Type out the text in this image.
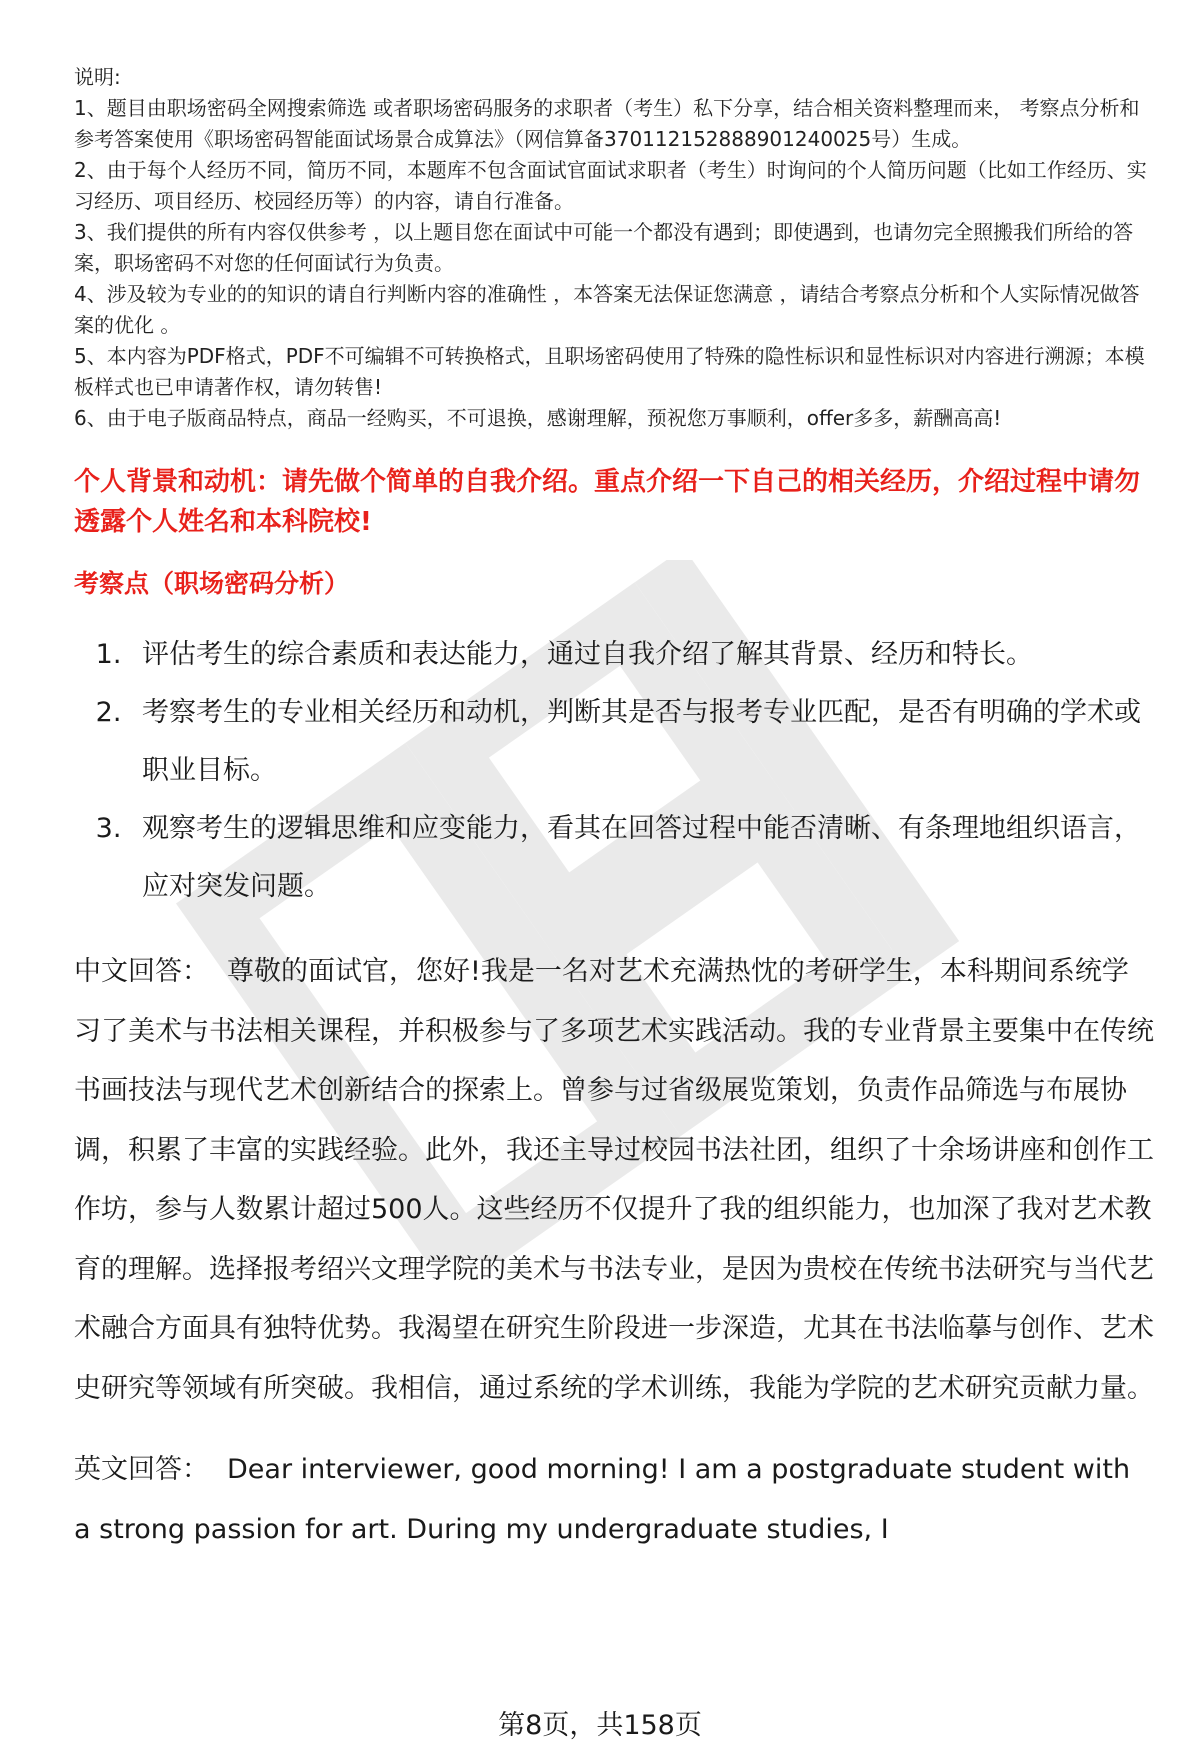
说明:

1、题目由职场密码全网搜索筛选 或者职场密码服务的求职者（考生）私下分享，结合相关资料整理而来， 考察点分析和参考答案使用《职场密码智能面试场景合成算法》（网信算备370112152888901240025号）生成。

2、由于每个人经历不同，简历不同，本题库不包含面试官面试求职者（考生）时询问的个人简历问题（比如工作经历、实习经历、项目经历、校园经历等）的内容，请自行准备。

3、我们提供的所有内容仅供参考 ，以上题目您在面试中可能一个都没有遇到；即使遇到，也请勿完全照搬我们所给的答案，职场密码不对您的任何面试行为负责。

4、涉及较为专业的的知识的请自行判断内容的准确性 ，本答案无法保证您满意 ，请结合考察点分析和个人实际情况做答案的优化 。

5、本内容为PDF格式，PDF不可编辑不可转换格式，且职场密码使用了特殊的隐性标识和显性标识对内容进行溯源；本模板样式也已申请著作权，请勿转售!

6、由于电子版商品特点，商品一经购买，不可退换，感谢理解，预祝您万事顺利，offer多多，薪酬高高!

个人背景和动机：请先做个简单的自我介绍。重点介绍一下自己的相关经历，介绍过程中请勿透露个人姓名和本科院校!
考察点（职场密码分析）
1. 评估考生的综合素质和表达能力，通过自我介绍了解其背景、经历和特长。
2. 考察考生的专业相关经历和动机，判断其是否与报考专业匹配，是否有明确的学术或职业目标。
3. 观察考生的逻辑思维和应变能力，看其在回答过程中能否清晰、有条理地组织语言，应对突发问题。
中文回答： 尊敬的面试官，您好!我是一名对艺术充满热忱的考研学生，本科期间系统学习了美术与书法相关课程，并积极参与了多项艺术实践活动。我的专业背景主要集中在传统书画技法与现代艺术创新结合的探索上。曾参与过省级展览策划，负责作品筛选与布展协调，积累了丰富的实践经验。此外，我还主导过校园书法社团，组织了十余场讲座和创作工作坊，参与人数累计超过500人。这些经历不仅提升了我的组织能力，也加深了我对艺术教育的理解。选择报考绍兴文理学院的美术与书法专业，是因为贵校在传统书法研究与当代艺术融合方面具有独特优势。我渴望在研究生阶段进一步深造，尤其在书法临摹与创作、艺术史研究等领域有所突破。我相信，通过系统的学术训练，我能为学院的艺术研究贡献力量。
英文回答： Dear interviewer, good morning! I am a postgraduate student with a strong passion for art. During my undergraduate studies, I
第8页，共158页
